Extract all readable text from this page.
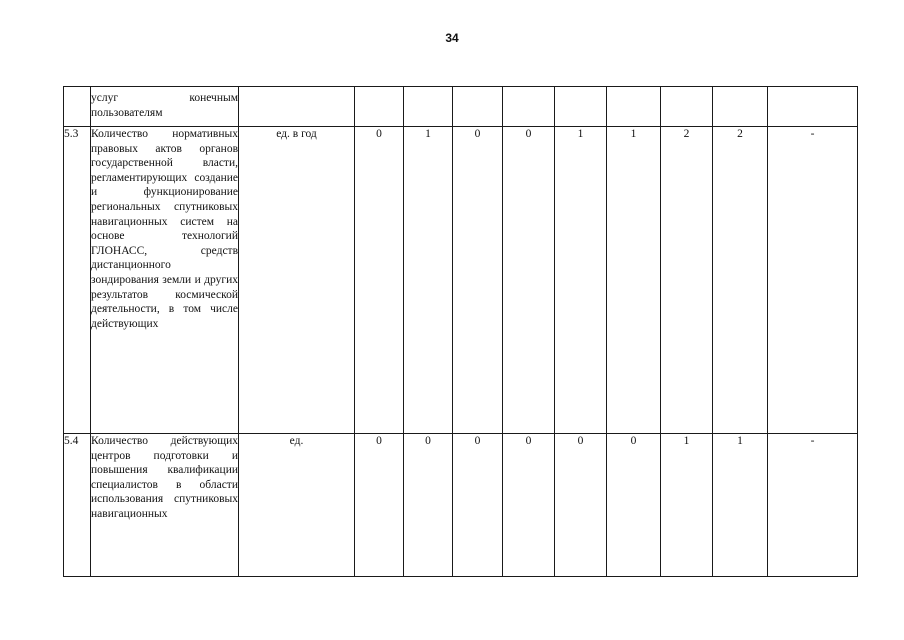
34

	услуг конечным пользователям										

5.3	Количество нормативных правовых актов органов государственной власти, регламентирующих создание и функционирование региональных спутниковых навигационных систем на основе технологий ГЛОНАСС, средств дистанционного зондирования земли и других результатов космической деятельности, в том числе действующих	ед. в год	0	1	0	0	1	1	2	2	-
5.4	Количество действующих центров подготовки и повышения квалификации специалистов в области использования спутниковых навигационных	ед.	0	0	0	0	0	0	1	1	-
